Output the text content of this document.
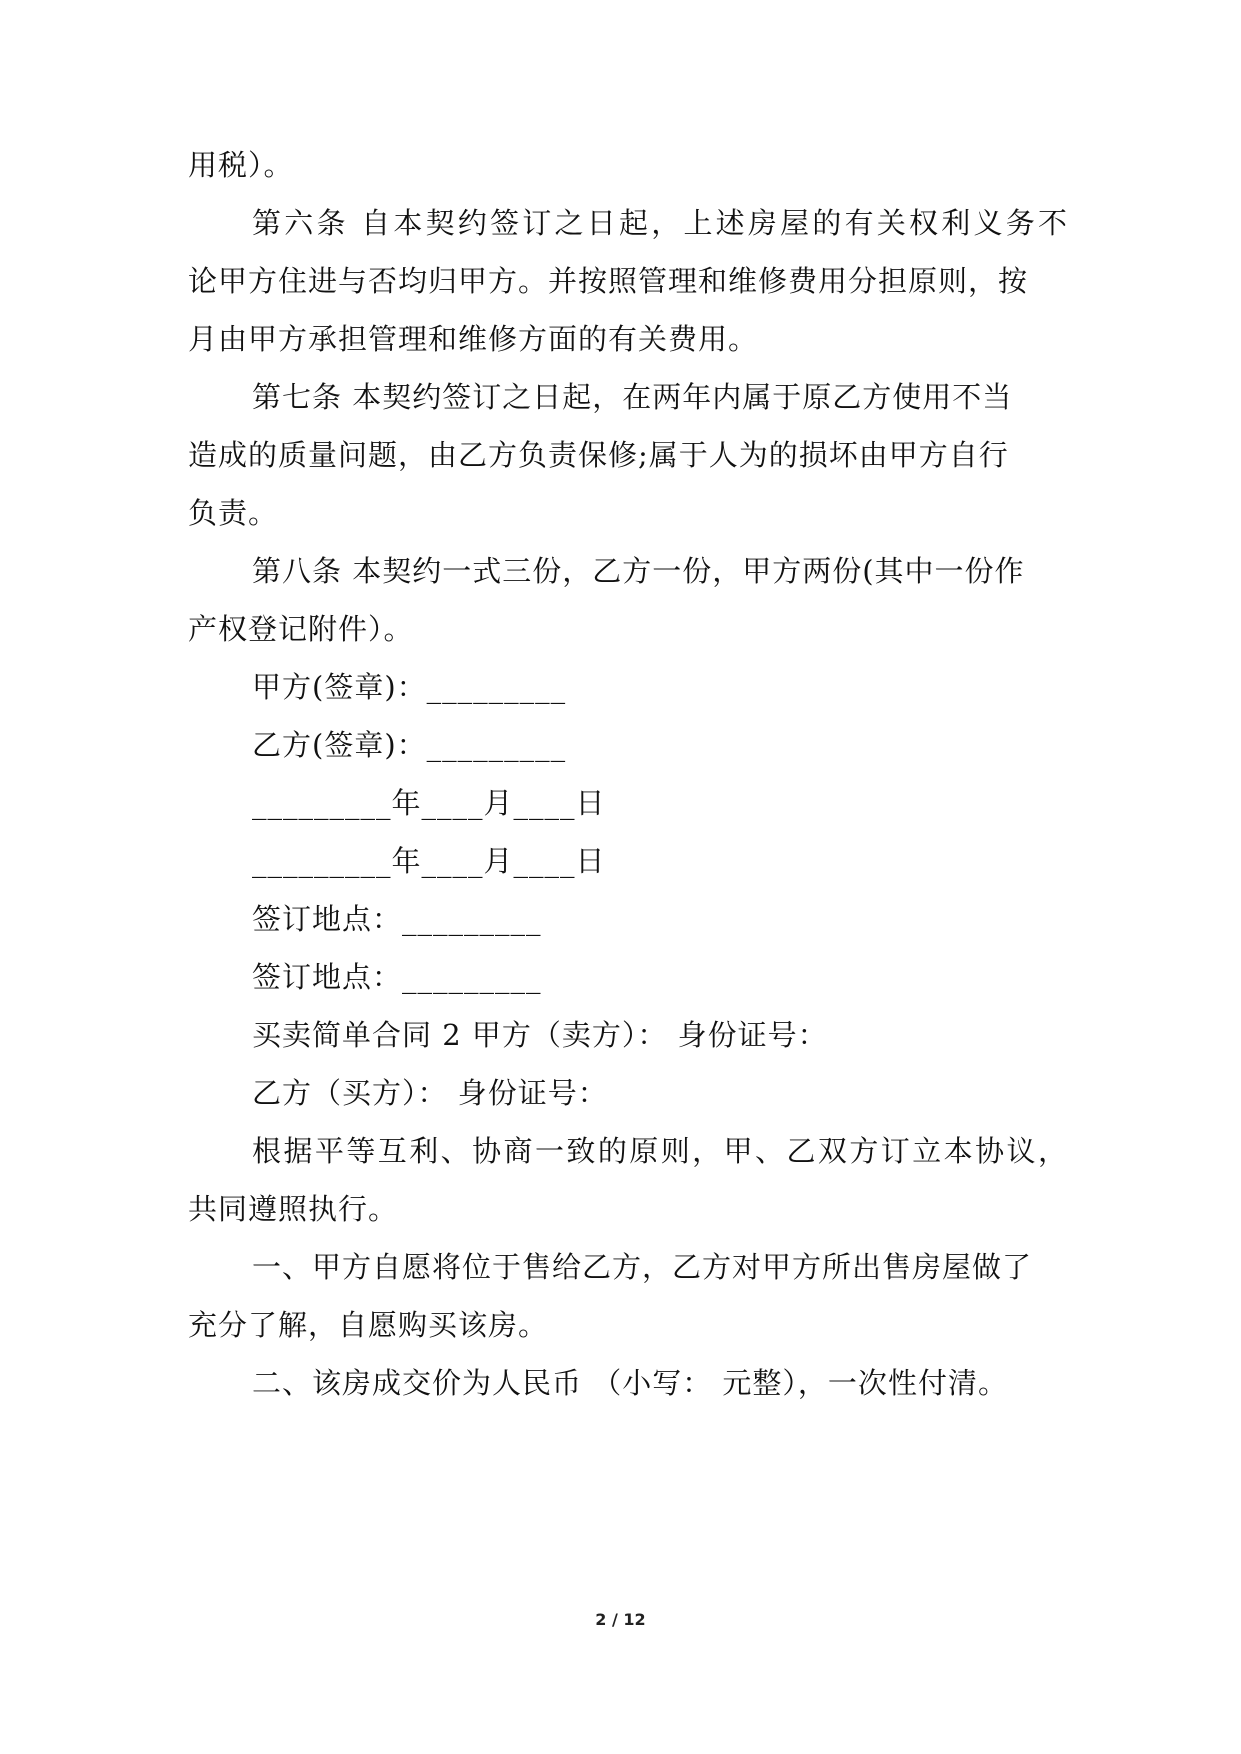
用税）。
第六条 自本契约签订之日起，上述房屋的有关权利义务不
论甲方住进与否均归甲方。并按照管理和维修费用分担原则，按
月由甲方承担管理和维修方面的有关费用。
第七条 本契约签订之日起，在两年内属于原乙方使用不当
造成的质量问题，由乙方负责保修;属于人为的损坏由甲方自行
负责。
第八条 本契约一式三份，乙方一份，甲方两份(其中一份作
产权登记附件）。
甲方(签章)：_________
乙方(签章)：_________
_________年____月____日
_________年____月____日
签订地点：_________
签订地点：_________
买卖简单合同 2 甲方（卖方）： 身份证号：
乙方（买方）： 身份证号：
根据平等互利、协商一致的原则，甲、乙双方订立本协议，
共同遵照执行。
一、甲方自愿将位于售给乙方，乙方对甲方所出售房屋做了
充分了解，自愿购买该房。
二、该房成交价为人民币 （小写： 元整），一次性付清。
2 / 12
